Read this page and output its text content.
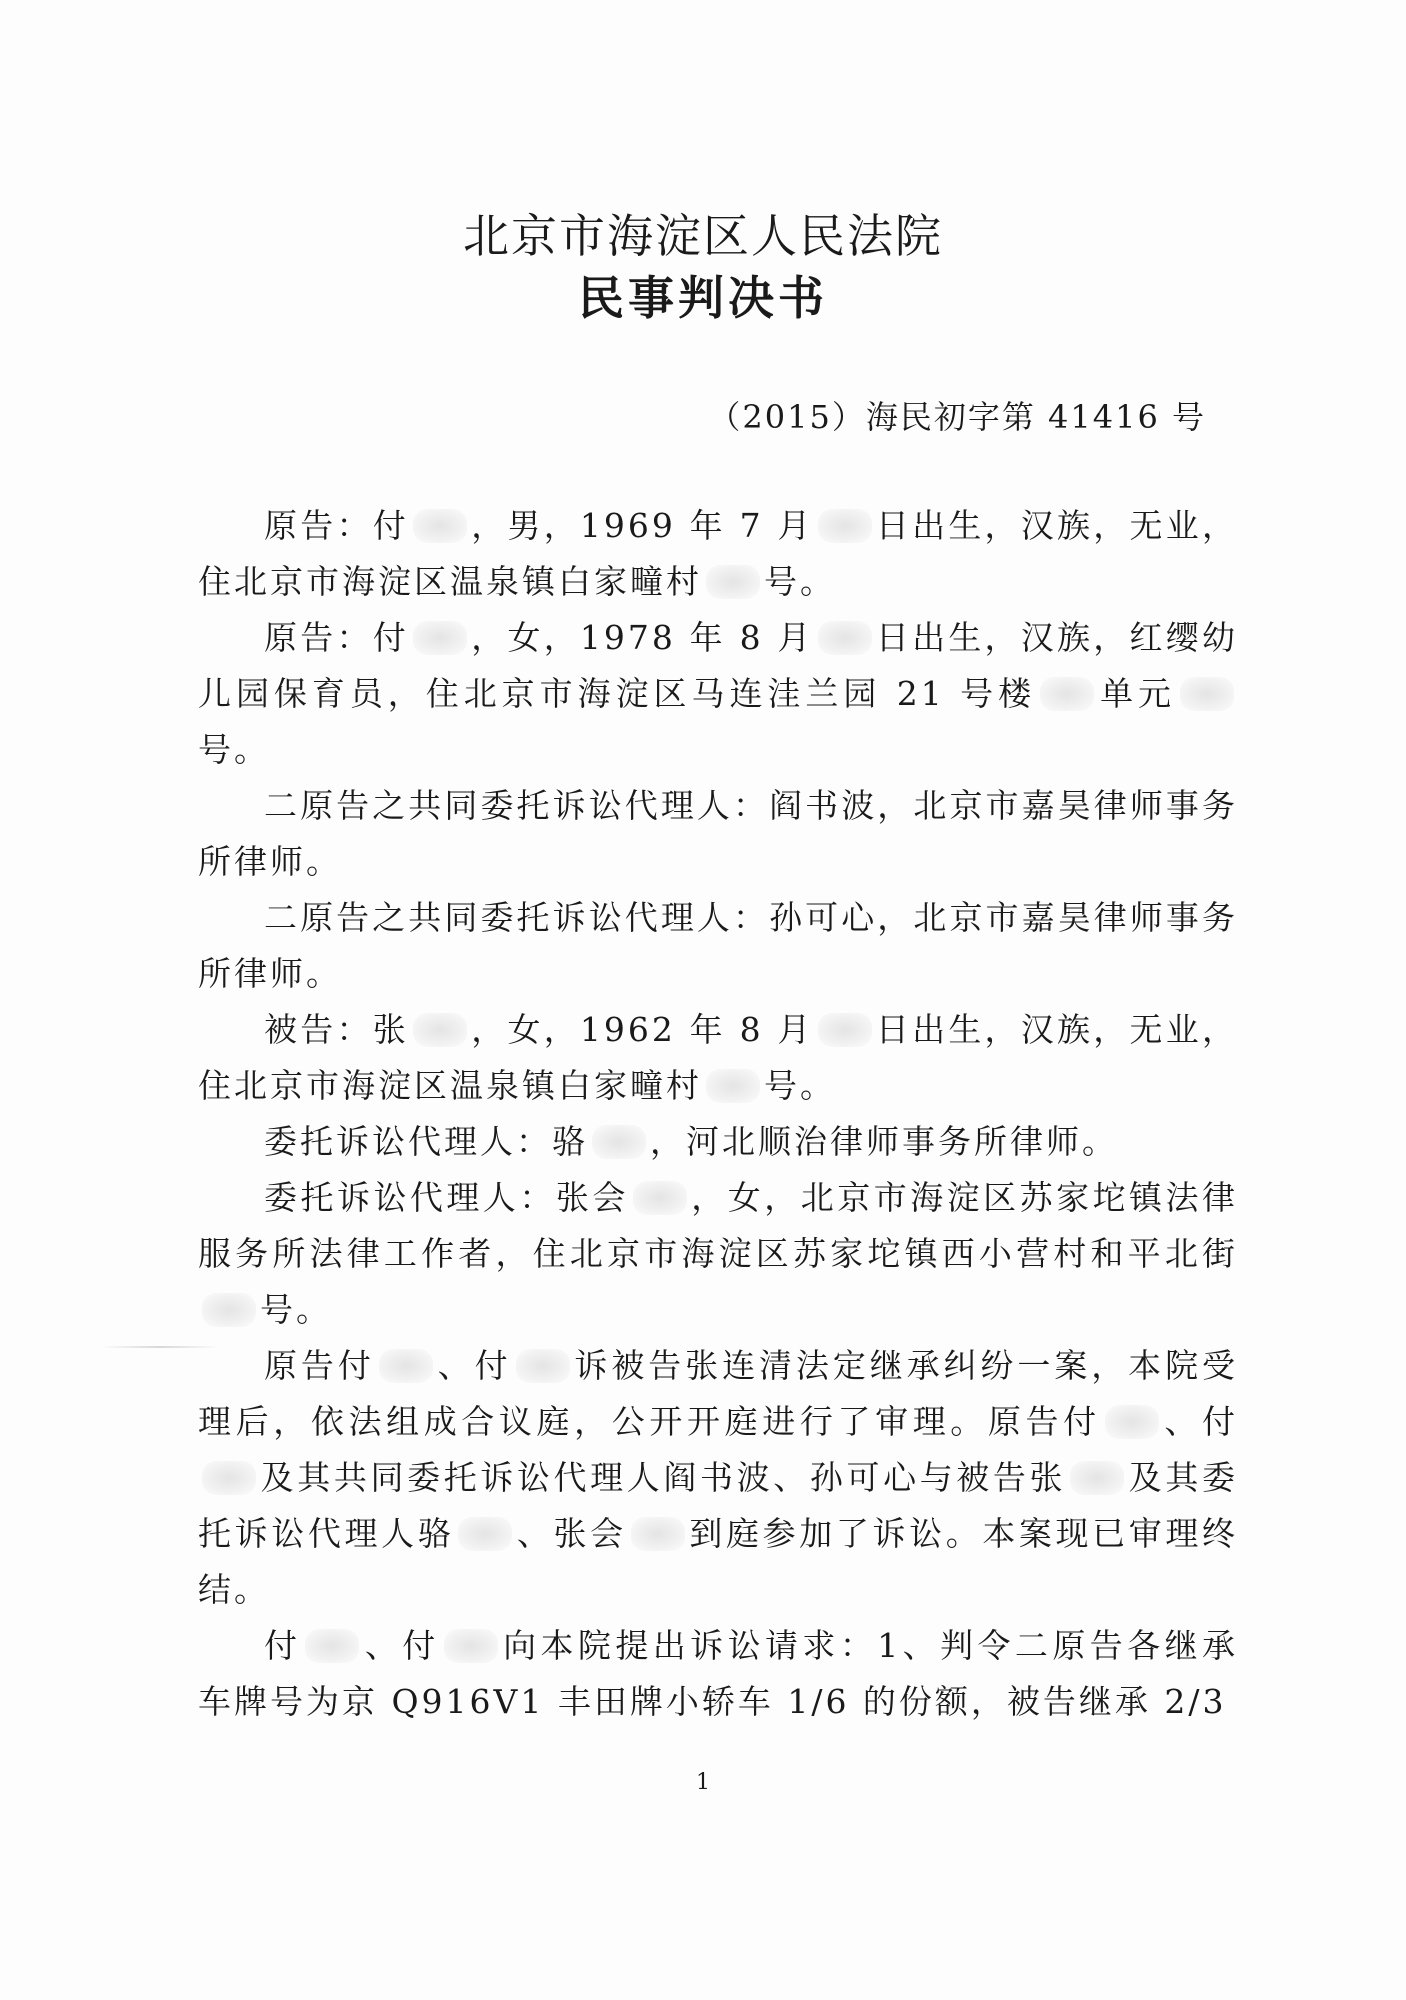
北京市海淀区人民法院
民事判决书
（2015）海民初字第 41416 号

原告：付 ，男，1969 年 7 月 日出生，汉族，无业，住北京市海淀区温泉镇白家疃村 号。

原告：付 ，女，1978 年 8 月 日出生，汉族，红缨幼儿园保育员，住北京市海淀区马连洼兰园 21 号楼 单元号。

二原告之共同委托诉讼代理人：阎书波，北京市嘉昊律师事务所律师。

二原告之共同委托诉讼代理人：孙可心，北京市嘉昊律师事务所律师。

被告：张 ，女，1962 年 8 月 日出生，汉族，无业，住北京市海淀区温泉镇白家疃村 号。

委托诉讼代理人：骆 ，河北顺治律师事务所律师。

委托诉讼代理人：张会 ，女，北京市海淀区苏家坨镇法律服务所法律工作者，住北京市海淀区苏家坨镇西小营村和平北街号。

原告付 、付 诉被告张连清法定继承纠纷一案，本院受理后，依法组成合议庭，公开开庭进行了审理。原告付 、付及其共同委托诉讼代理人阎书波、孙可心与被告张 及其委托诉讼代理人骆 、张会 到庭参加了诉讼。本案现已审理终结。

付 、付 向本院提出诉讼请求：1、判令二原告各继承车牌号为京 Q916V1 丰田牌小轿车 1/6 的份额，被告继承 2/3

1
